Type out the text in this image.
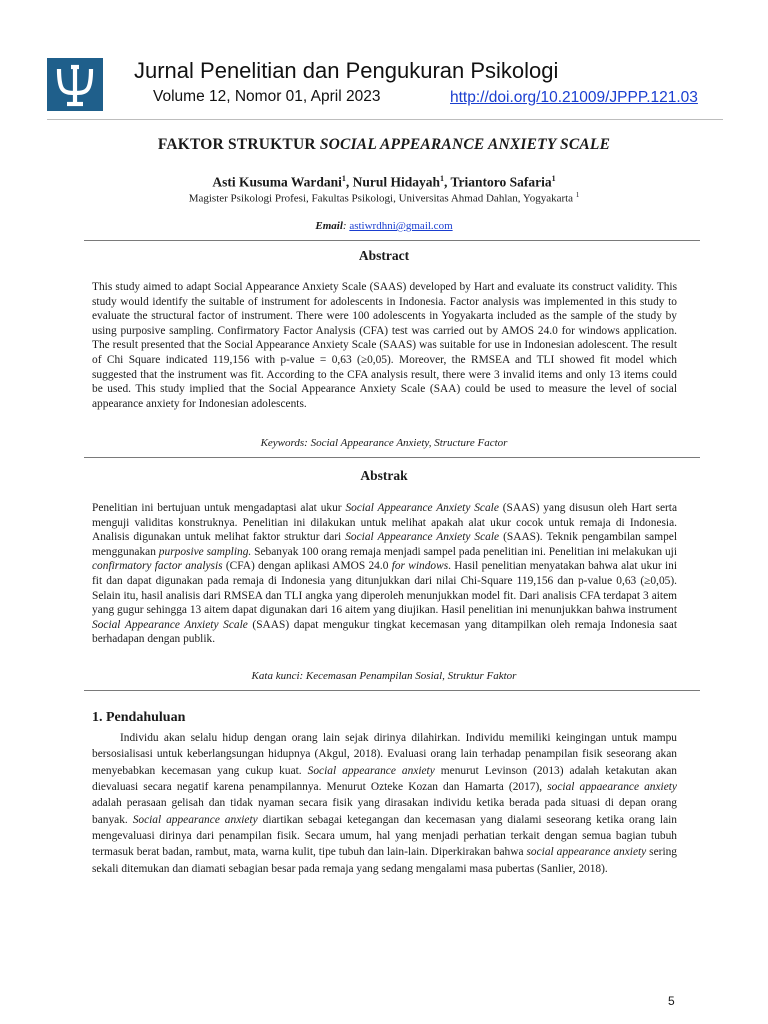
Jurnal Penelitian dan Pengukuran Psikologi
Volume 12, Nomor 01, April 2023	http://doi.org/10.21009/JPPP.121.03
FAKTOR STRUKTUR SOCIAL APPEARANCE ANXIETY SCALE
Asti Kusuma Wardani$^1$, Nurul Hidayah$^1$, Triantoro Safaria$^1$
Magister Psikologi Profesi, Fakultas Psikologi, Universitas Ahmad Dahlan, Yogyakarta $^1$
Email: astiwrdhni@gmail.com
Abstract
This study aimed to adapt Social Appearance Anxiety Scale (SAAS) developed by Hart and evaluate its construct validity. This study would identify the suitable of instrument for adolescents in Indonesia. Factor analysis was implemented in this study to evaluate the structural factor of instrument. There were 100 adolescents in Yogyakarta included as the sample of the study by using purposive sampling. Confirmatory Factor Analysis (CFA) test was carried out by AMOS 24.0 for windows application. The result presented that the Social Appearance Anxiety Scale (SAAS) was suitable for use in Indonesian adolescent. The result of Chi Square indicated 119,156 with p-value = 0,63 (≥0,05). Moreover, the RMSEA and TLI showed fit model which suggested that the instrument was fit. According to the CFA analysis result, there were 3 invalid items and only 13 items could be used. This study implied that the Social Appearance Anxiety Scale (SAA) could be used to measure the level of social appearance anxiety for Indonesian adolescents.
Keywords: Social Appearance Anxiety, Structure Factor
Abstrak
Penelitian ini bertujuan untuk mengadaptasi alat ukur Social Appearance Anxiety Scale (SAAS) yang disusun oleh Hart serta menguji validitas konstruknya. Penelitian ini dilakukan untuk melihat apakah alat ukur cocok untuk remaja di Indonesia. Analisis digunakan untuk melihat faktor struktur dari Social Appearance Anxiety Scale (SAAS). Teknik pengambilan sampel menggunakan purposive sampling. Sebanyak 100 orang remaja menjadi sampel pada penelitian ini. Penelitian ini melakukan uji confirmatory factor analysis (CFA) dengan aplikasi AMOS 24.0 for windows. Hasil penelitian menyatakan bahwa alat ukur ini fit dan dapat digunakan pada remaja di Indonesia yang ditunjukkan dari nilai Chi-Square 119,156 dan p-value 0,63 (≥0,05). Selain itu, hasil analisis dari RMSEA dan TLI angka yang diperoleh menunjukkan model fit. Dari analisis CFA terdapat 3 aitem yang gugur sehingga 13 aitem dapat digunakan dari 16 aitem yang diujikan. Hasil penelitian ini menunjukkan bahwa instrument Social Appearance Anxiety Scale (SAAS) dapat mengukur tingkat kecemasan yang ditampilkan oleh remaja Indonesia saat berhadapan dengan publik.
Kata kunci: Kecemasan Penampilan Sosial, Struktur Faktor
1. Pendahuluan
Individu akan selalu hidup dengan orang lain sejak dirinya dilahirkan. Individu memiliki keingingan untuk mampu bersosialisasi untuk keberlangsungan hidupnya (Akgul, 2018). Evaluasi orang lain terhadap penampilan fisik seseorang akan menyebabkan kecemasan yang cukup kuat. Social appearance anxiety menurut Levinson (2013) adalah ketakutan akan dievaluasi secara negatif karena penampilannya. Menurut Ozteke Kozan dan Hamarta (2017), social appaearance anxiety adalah perasaan gelisah dan tidak nyaman secara fisik yang dirasakan individu ketika berada pada situasi di depan orang banyak. Social appearance anxiety diartikan sebagai ketegangan dan kecemasan yang dialami seseorang ketika orang lain mengevaluasi dirinya dari penampilan fisik. Secara umum, hal yang menjadi perhatian terkait dengan semua bagian tubuh termasuk berat badan, rambut, mata, warna kulit, tipe tubuh dan lain-lain. Diperkirakan bahwa social appearance anxiety sering sekali ditemukan dan diamati sebagian besar pada remaja yang sedang mengalami masa pubertas (Sanlier, 2018).
5
